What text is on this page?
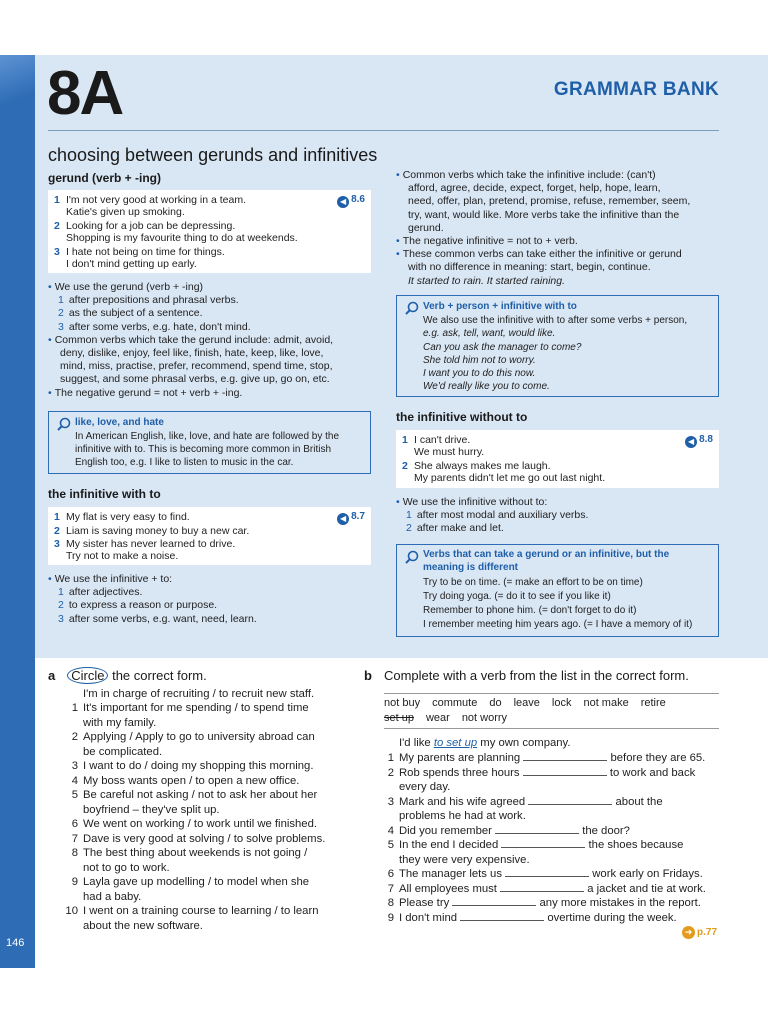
146
8A	GRAMMAR BANK
choosing between gerunds and infinitives
gerund (verb + -ing)
1 I'm not very good at working in a team.
Katie's given up smoking.
2 Looking for a job can be depressing.
Shopping is my favourite thing to do at weekends.
3 I hate not being on time for things.
I don't mind getting up early.
◀ 8.6
• We use the gerund (verb + -ing)
1 after prepositions and phrasal verbs.
2 as the subject of a sentence.
3 after some verbs, e.g. hate, don't mind.
• Common verbs which take the gerund include: admit, avoid,
deny, dislike, enjoy, feel like, finish, hate, keep, like, love,
mind, miss, practise, prefer, recommend, spend time, stop,
suggest, and some phrasal verbs, e.g. give up, go on, etc.
• The negative gerund = not + verb + -ing.
like, love, and hate
In American English, like, love, and hate are followed by the
infinitive with to. This is becoming more common in British
English too, e.g. I like to listen to music in the car.
the infinitive with to
1 My flat is very easy to find.
2 Liam is saving money to buy a new car.
3 My sister has never learned to drive.
Try not to make a noise.
◀ 8.7
• We use the infinitive + to:
1 after adjectives.
2 to express a reason or purpose.
3 after some verbs, e.g. want, need, learn.
• Common verbs which take the infinitive include: (can't)
afford, agree, decide, expect, forget, help, hope, learn,
need, offer, plan, pretend, promise, refuse, remember, seem,
try, want, would like. More verbs take the infinitive than the
gerund.
• The negative infinitive = not to + verb.
• These common verbs can take either the infinitive or gerund
with no difference in meaning: start, begin, continue.
It started to rain. It started raining.
Verb + person + infinitive with to
We also use the infinitive with to after some verbs + person,
e.g. ask, tell, want, would like.
Can you ask the manager to come?
She told him not to worry.
I want you to do this now.
We'd really like you to come.
the infinitive without to
1 I can't drive.
We must hurry.
2 She always makes me laugh.
My parents didn't let me go out last night.
◀ 8.8
• We use the infinitive without to:
1 after most modal and auxiliary verbs.
2 after make and let.
Verbs that can take a gerund or an infinitive, but the
meaning is different
Try to be on time. (= make an effort to be on time)
Try doing yoga. (= do it to see if you like it)
Remember to phone him. (= don't forget to do it)
I remember meeting him years ago. (= I have a memory of it)
a Circle the correct form.
I'm in charge of recruiting / to recruit new staff.
1 It's important for me spending / to spend time
with my family.
2 Applying / Apply to go to university abroad can
be complicated.
3 I want to do / doing my shopping this morning.
4 My boss wants open / to open a new office.
5 Be careful not asking / not to ask her about her
boyfriend – they've split up.
6 We went on working / to work until we finished.
7 Dave is very good at solving / to solve problems.
8 The best thing about weekends is not going /
not to go to work.
9 Layla gave up modelling / to model when she
had a baby.
10 I went on a training course to learning / to learn
about the new software.
b Complete with a verb from the list in the correct form.
not buy commute do leave lock not make retire
set up wear not worry
I'd like to set up my own company.
1 My parents are planning	before they are 65.
2 Rob spends three hours	to work and back
every day.
3 Mark and his wife agreed	about the
problems he had at work.
4 Did you remember	the door?
5 In the end I decided	the shoes because
they were very expensive.
6 The manager lets us	work early on Fridays.
7 All employees must	a jacket and tie at work.
8 Please try	any more mistakes in the report.
9 I don't mind	overtime during the week.
➜ p.77
